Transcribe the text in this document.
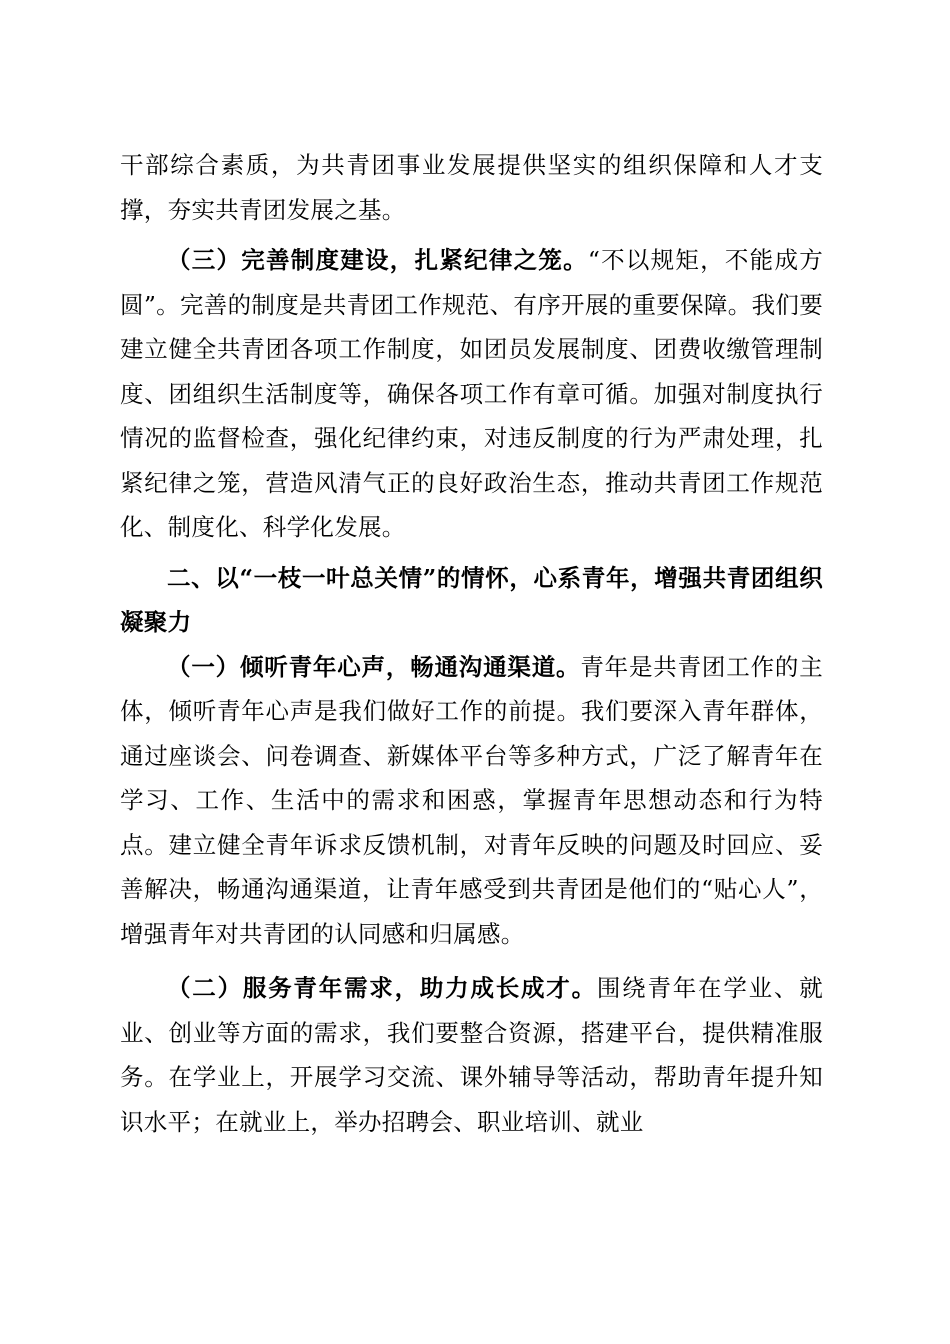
干部综合素质，为共青团事业发展提供坚实的组织保障和人才支撑，夯实共青团发展之基。

（三）完善制度建设，扎紧纪律之笼。“不以规矩，不能成方圆”。完善的制度是共青团工作规范、有序开展的重要保障。我们要建立健全共青团各项工作制度，如团员发展制度、团费收缴管理制度、团组织生活制度等，确保各项工作有章可循。加强对制度执行情况的监督检查，强化纪律约束，对违反制度的行为严肃处理，扎紧纪律之笼，营造风清气正的良好政治生态，推动共青团工作规范化、制度化、科学化发展。

二、以“一枝一叶总关情”的情怀，心系青年，增强共青团组织凝聚力

（一）倾听青年心声，畅通沟通渠道。青年是共青团工作的主体，倾听青年心声是我们做好工作的前提。我们要深入青年群体，通过座谈会、问卷调查、新媒体平台等多种方式，广泛了解青年在学习、工作、生活中的需求和困惑，掌握青年思想动态和行为特点。建立健全青年诉求反馈机制，对青年反映的问题及时回应、妥善解决，畅通沟通渠道，让青年感受到共青团是他们的“贴心人”，增强青年对共青团的认同感和归属感。

（二）服务青年需求，助力成长成才。围绕青年在学业、就业、创业等方面的需求，我们要整合资源，搭建平台，提供精准服务。在学业上，开展学习交流、课外辅导等活动，帮助青年提升知识水平；在就业上，举办招聘会、职业培训、就业
